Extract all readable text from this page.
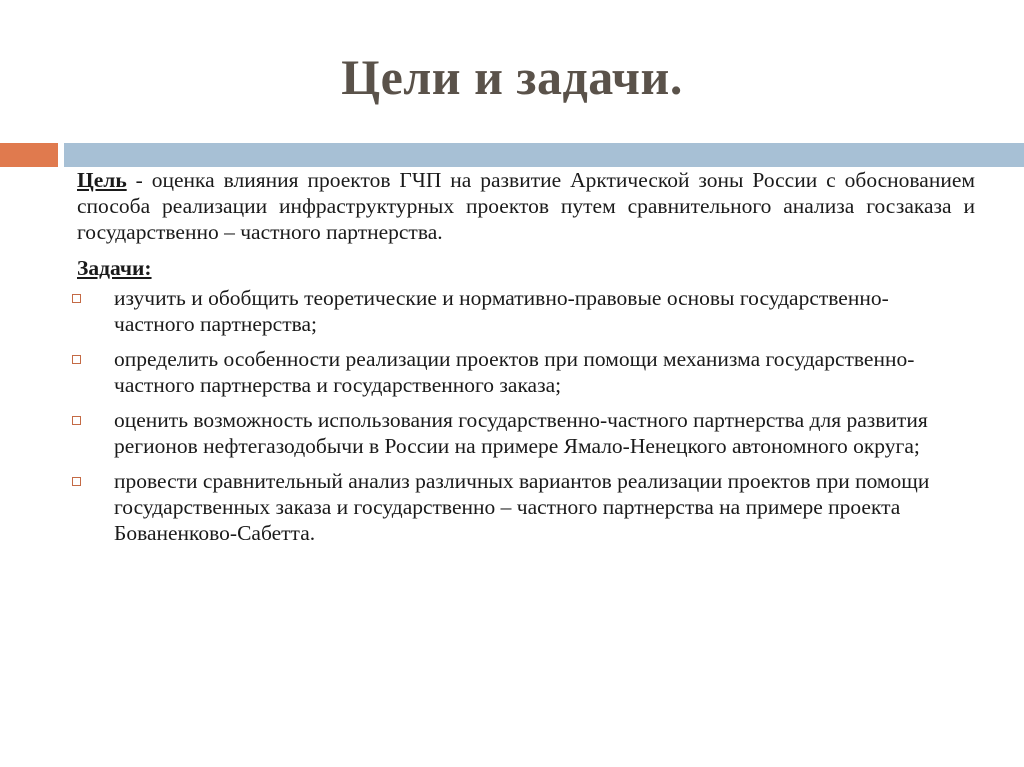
Цели и задачи.

Цель - оценка влияния проектов ГЧП на развитие Арктической зоны России с обоснованием способа реализации инфраструктурных проектов путем сравнительного анализа госзаказа и государственно – частного партнерства.

Задачи:

изучить и обобщить теоретические и нормативно-правовые основы государственно-частного партнерства;
определить особенности реализации проектов при помощи механизма государственно-частного партнерства и государственного заказа;
оценить возможность использования государственно-частного партнерства для развития регионов нефтегазодобычи в России на примере Ямало-Ненецкого автономного округа;
провести сравнительный анализ различных вариантов реализации проектов при помощи государственных заказа и государственно – частного партнерства на примере проекта Бованенково-Сабетта.
